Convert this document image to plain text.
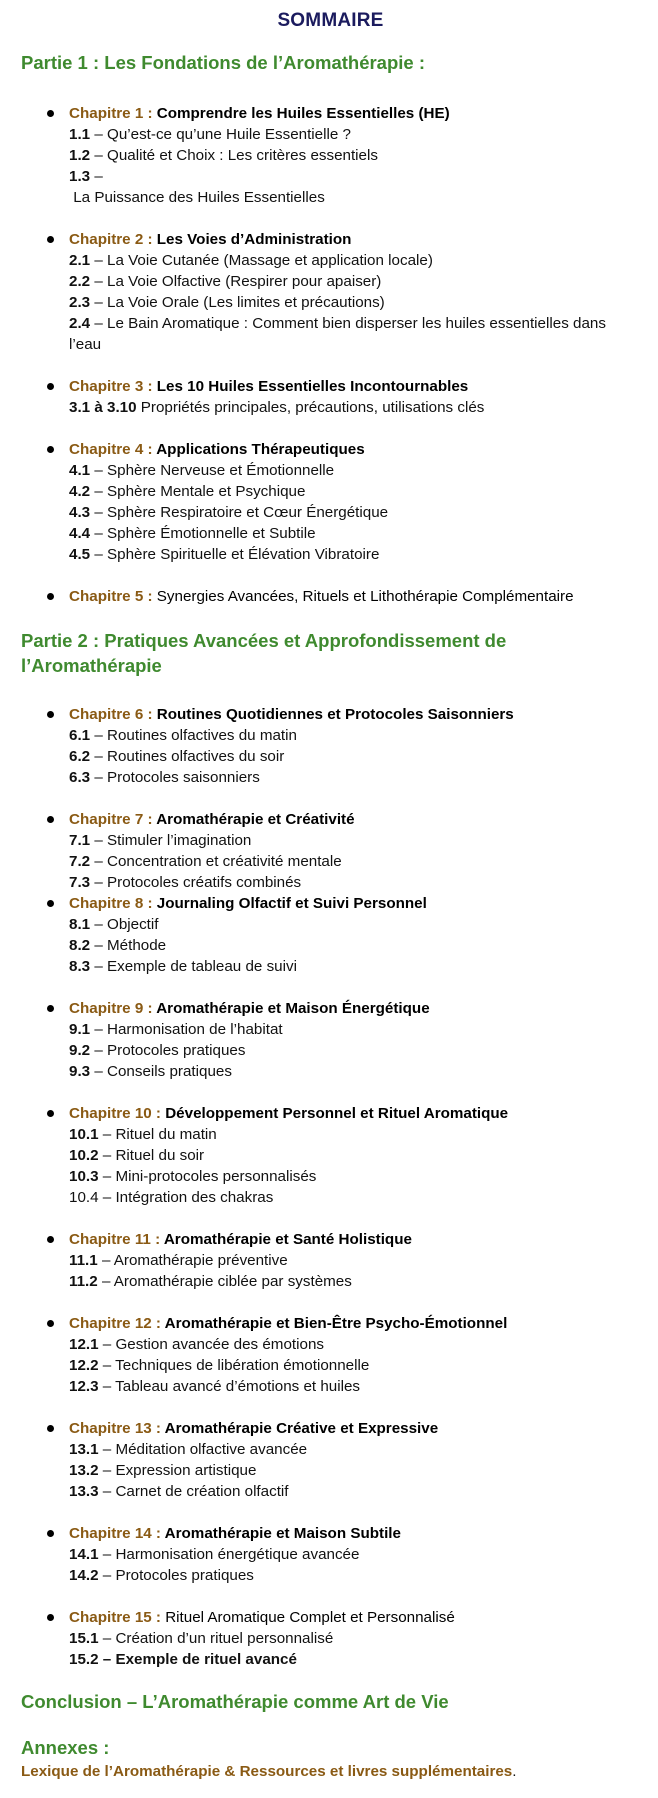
SOMMAIRE
Partie 1 : Les Fondations de l’Aromathérapie :
Chapitre 1 : Comprendre les Huiles Essentielles (HE)
1.1 – Qu’est-ce qu’une Huile Essentielle ?
1.2 – Qualité et Choix : Les critères essentiels
1.3 –
La Puissance des Huiles Essentielles
Chapitre 2 : Les Voies d’Administration
2.1 – La Voie Cutanée (Massage et application locale)
2.2 – La Voie Olfactive (Respirer pour apaiser)
2.3 – La Voie Orale (Les limites et précautions)
2.4 – Le Bain Aromatique : Comment bien disperser les huiles essentielles dans l’eau
Chapitre 3 : Les 10 Huiles Essentielles Incontournables
3.1 à 3.10 Propriétés principales, précautions, utilisations clés
Chapitre 4 : Applications Thérapeutiques
4.1 – Sphère Nerveuse et Émotionnelle
4.2 – Sphère Mentale et Psychique
4.3 – Sphère Respiratoire et Cœur Énergétique
4.4 – Sphère Émotionnelle et Subtile
4.5 – Sphère Spirituelle et Élévation Vibratoire
Chapitre 5 : Synergies Avancées, Rituels et Lithothérapie Complémentaire
Partie 2 : Pratiques Avancées et Approfondissement de l’Aromathérapie
Chapitre 6 : Routines Quotidiennes et Protocoles Saisonniers
6.1 – Routines olfactives du matin
6.2 – Routines olfactives du soir
6.3 – Protocoles saisonniers
Chapitre 7 : Aromathérapie et Créativité
7.1 – Stimuler l’imagination
7.2 – Concentration et créativité mentale
7.3 – Protocoles créatifs combinés
Chapitre 8 : Journaling Olfactif et Suivi Personnel
8.1 – Objectif
8.2 – Méthode
8.3 – Exemple de tableau de suivi
Chapitre 9 : Aromathérapie et Maison Énergétique
9.1 – Harmonisation de l’habitat
9.2 – Protocoles pratiques
9.3 – Conseils pratiques
Chapitre 10 : Développement Personnel et Rituel Aromatique
10.1 – Rituel du matin
10.2 – Rituel du soir
10.3 – Mini-protocoles personnalisés
10.4 – Intégration des chakras
Chapitre 11 : Aromathérapie et Santé Holistique
11.1 – Aromathérapie préventive
11.2 – Aromathérapie ciblée par systèmes
Chapitre 12 : Aromathérapie et Bien-Être Psycho-Émotionnel
12.1 – Gestion avancée des émotions
12.2 – Techniques de libération émotionnelle
12.3 – Tableau avancé d’émotions et huiles
Chapitre 13 : Aromathérapie Créative et Expressive
13.1 – Méditation olfactive avancée
13.2 – Expression artistique
13.3 – Carnet de création olfactif
Chapitre 14 : Aromathérapie et Maison Subtile
14.1 – Harmonisation énergétique avancée
14.2 – Protocoles pratiques
Chapitre 15 : Rituel Aromatique Complet et Personnalisé
15.1 – Création d’un rituel personnalisé
15.2 – Exemple de rituel avancé
Conclusion – L’Aromathérapie comme Art de Vie
Annexes :
Lexique de l’Aromathérapie & Ressources et livres supplémentaires.
